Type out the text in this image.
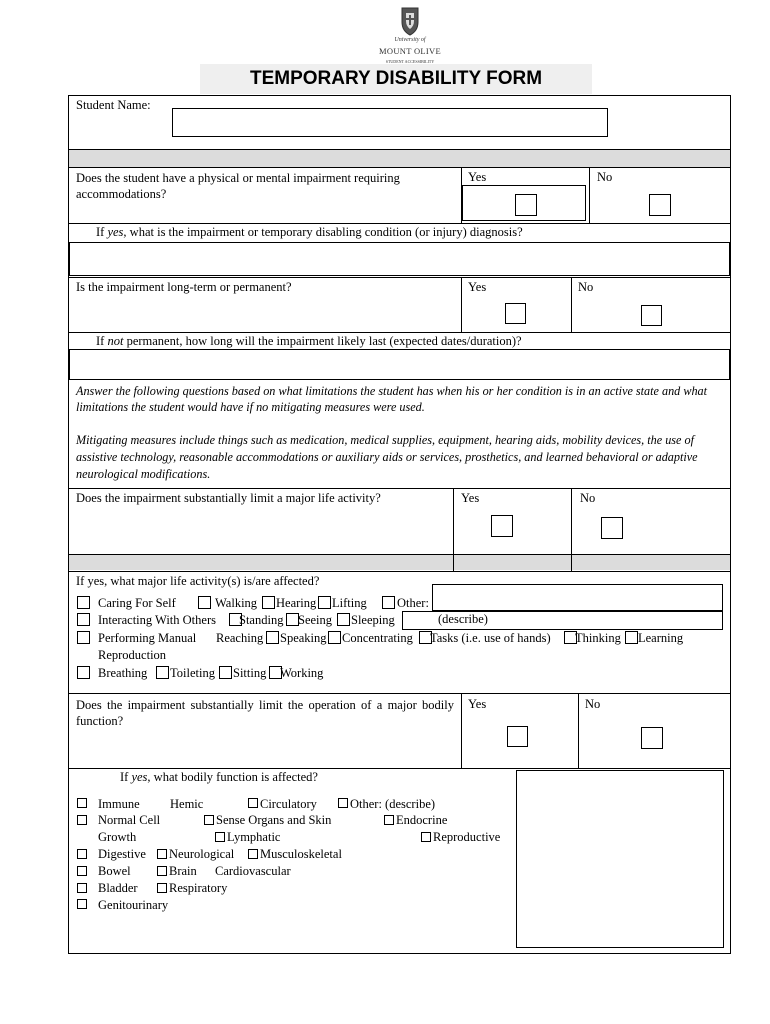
University of
MOUNT OLIVE
STUDENT ACCESSIBILITY
TEMPORARY DISABILITY FORM
Student Name:
Does the student have a physical or mental impairment requiring accommodations?
Yes	No
If yes, what is the impairment or temporary disabling condition (or injury) diagnosis?
Is the impairment long-term or permanent?	Yes	No
If not permanent, how long will the impairment likely last (expected dates/duration)?
Answer the following questions based on what limitations the student has when his or her condition is in an active state and what limitations the student would have if no mitigating measures were used.
Mitigating measures include things such as medication, medical supplies, equipment, hearing aids, mobility devices, the use of assistive technology, reasonable accommodations or auxiliary aids or services, prosthetics, and learned behavioral or adaptive neurological modifications.
Does the impairment substantially limit a major life activity?	Yes	No
If yes, what major life activity(s) is/are affected?
Caring For Self	Walking Hearing Lifting Other:
Interacting With Others Standing Seeing Sleeping	(describe)
Performing Manual Reaching Speaking Concentrating Tasks (i.e. use of hands) Thinking Learning
Reproduction
Breathing Toileting Sitting Working
Does the impairment substantially limit the operation of a major bodily function?
Yes	No
If yes, what bodily function is affected?
Immune Hemic	Circulatory	Other: (describe)
Normal Cell	Sense Organs and Skin	Endocrine
Growth	Lymphatic	Reproductive
Digestive Neurological Musculoskeletal
Bowel	Brain Cardiovascular
Bladder	Respiratory
Genitourinary
